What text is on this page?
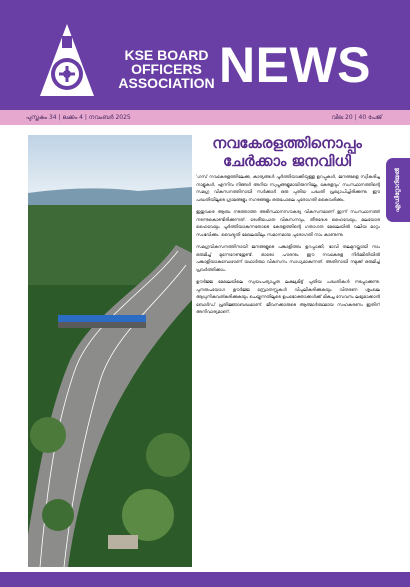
KSE BOARD
OFFICERS
ASSOCIATION NEWS
പുസ്തകം 34 | ലക്കം 4 | നവംബർ 2025	വില 20 | 40 പേജ്
നവകേരളത്തിനൊപ്പം
ചേർക്കാം ജനവിധി
എഡിറ്റോറിയൽ

'ഗസ് നവകേരളത്തിലേക്കു, കാര്യങ്ങൾ പൂർത്തിയാക്കിയുള്ള ഉറപ്പുകൾ, ജനങ്ങളെ സ്വീകരിച്ച നാളുകൾ, എന്നിവ നിങ്ങൾ അറിയ സ്വപ്നങ്ങളുമായിരുന്നില്ലേ, കേരളവും' സംസ്ഥാനത്തിന്റെ സമഗ്ര വികസനത്തിനായി സർക്കാർ ഒരു പുതിയ പദ്ധതി പ്രഖ്യാപിച്ചിരിക്കുന്നു. ഈ പദ്ധതിയിലൂടെ ഗ്രാമങ്ങളും നഗരങ്ങളും ഒരുപോലെ പുരോഗതി കൈവരിക്കും.

ഇതുവരെ ആരും നടത്താത്ത അടിസ്ഥാനസൗകര്യ വികസനമാണ് ഇന്ന് സംസ്ഥാനത്ത് നടന്നുകൊണ്ടിരിക്കുന്നത്. ദേശീയപാത വികസനവും, തീരദേശ ഹൈവേയും, മലയോര ഹൈവേയും പൂർത്തിയാകുന്നതോടെ കേരളത്തിന്റെ ഗതാഗത മേഖലയിൽ വലിയ മാറ്റം സംഭവിക്കും. വൈദ്യുതി മേഖലയിലും സമാനമായ പുരോഗതി നാം കാണുന്നു.

സമഗ്രവികസനത്തിനായി ജനങ്ങളുടെ പങ്കാളിത്തം ഉറപ്പാക്കി, ഭാവി തലമുറയ്ക്കായി നാം ഒരുമിച്ച് മുന്നേറേണ്ടതുണ്ട്. ഓരോ പൗരനും ഈ നവകേരള നിർമ്മിതിയിൽ പങ്കാളിയാകുമ്പോഴാണ് യഥാർത്ഥ വികസനം സാധ്യമാകുന്നത്. അതിനായി നമുക്ക് ഒരുമിച്ച് പ്രവർത്തിക്കാം.

ഊർജ്ജ മേഖലയിലെ സ്വയംപര്യാപ്തത ലക്ഷ്യമിട്ട് പുതിയ പദ്ധതികൾ നടപ്പാക്കുന്നു. പുനരുപയോഗ ഊർജ്ജ സ്രോതസ്സുകൾ വിപുലീകരിക്കുകയും വിതരണ ശൃംഖല ആധുനികവത്കരിക്കുകയും ചെയ്യുന്നതിലൂടെ ഉപഭോക്താക്കൾക്ക് മികച്ച സേവനം ലഭ്യമാക്കാൻ ബോർഡ് പ്രതിജ്ഞാബദ്ധമാണ്. ജീവനക്കാരുടെ ആത്മാർത്ഥമായ സഹകരണം ഇതിന് അനിവാര്യമാണ്.
